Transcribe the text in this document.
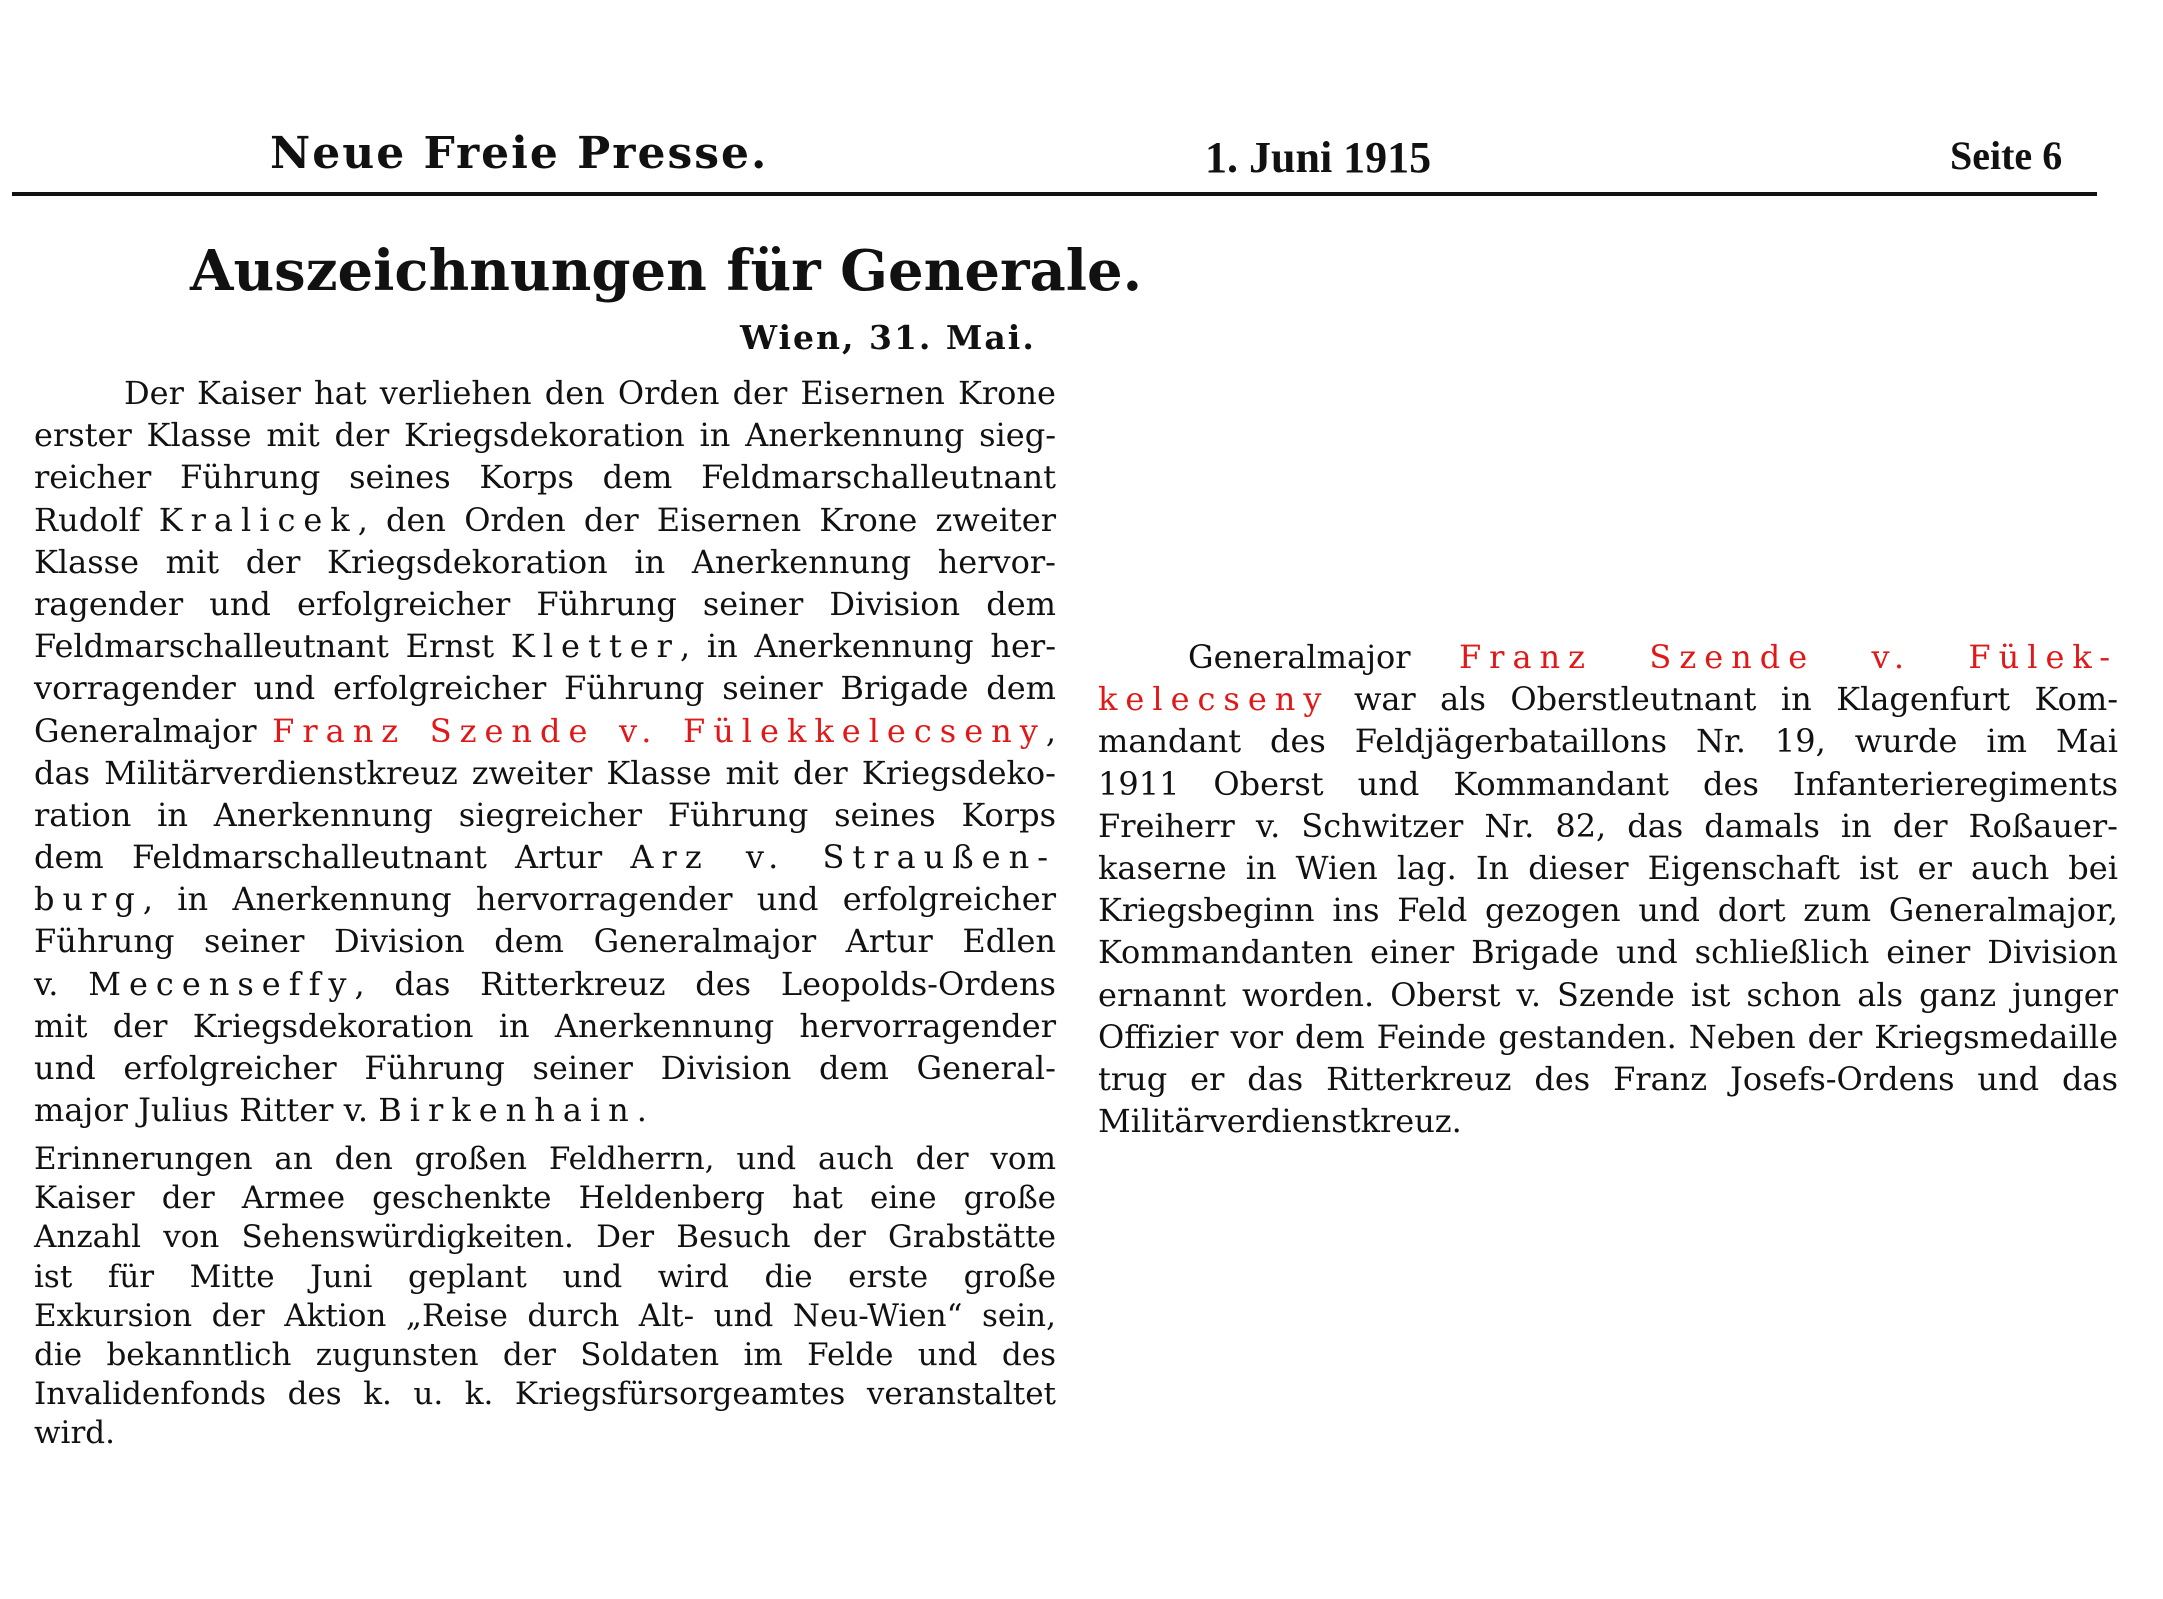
Neue Freie Presse.	1. Juni 1915	Seite 6
Auszeichnungen für Generale.
Wien, 31. Mai.
Der Kaiser hat verliehen den Orden der Eisernen Krone
erster Klasse mit der Kriegsdekoration in Anerkennung sieg-
reicher Führung seines Korps dem Feldmarschalleutnant
Rudolf Kralicek , den Orden der Eisernen Krone zweiter
Klasse mit der Kriegsdekoration in Anerkennung hervor-
ragender und erfolgreicher Führung seiner Division dem
Feldmarschalleutnant Ernst Kletter , in Anerkennung her-
vorragender und erfolgreicher Führung seiner Brigade dem
Generalmajor Franz Szende v. Fülekkelecseny ,
das Militärverdienstkreuz zweiter Klasse mit der Kriegsdeko-
ration in Anerkennung siegreicher Führung seines Korps
dem Feldmarschalleutnant Artur Arz v. Straußen-
burg , in Anerkennung hervorragender und erfolgreicher
Führung seiner Division dem Generalmajor Artur Edlen
v. Mecenseffy , das Ritterkreuz des Leopolds-Ordens
mit der Kriegsdekoration in Anerkennung hervorragender
und erfolgreicher Führung seiner Division dem General-
major Julius Ritter v. Birkenhain .
Erinnerungen an den großen Feldherrn, und auch der vom
Kaiser der Armee geschenkte Heldenberg hat eine große
Anzahl von Sehenswürdigkeiten. Der Besuch der Grabstätte
ist für Mitte Juni geplant und wird die erste große
Exkursion der Aktion „Reise durch Alt- und Neu-Wien“ sein,
die bekanntlich zugunsten der Soldaten im Felde und des
Invalidenfonds des k. u. k. Kriegsfürsorgeamtes veranstaltet
wird.
Generalmajor Franz Szende v. Fülek-
kelecseny war als Oberstleutnant in Klagenfurt Kom-
mandant des Feldjägerbataillons Nr. 19, wurde im Mai
1911 Oberst und Kommandant des Infanterieregiments
Freiherr v. Schwitzer Nr. 82, das damals in der Roßauer-
kaserne in Wien lag. In dieser Eigenschaft ist er auch bei
Kriegsbeginn ins Feld gezogen und dort zum Generalmajor,
Kommandanten einer Brigade und schließlich einer Division
ernannt worden. Oberst v. Szende ist schon als ganz junger
Offizier vor dem Feinde gestanden. Neben der Kriegsmedaille
trug er das Ritterkreuz des Franz Josefs-Ordens und das
Militärverdienstkreuz.
